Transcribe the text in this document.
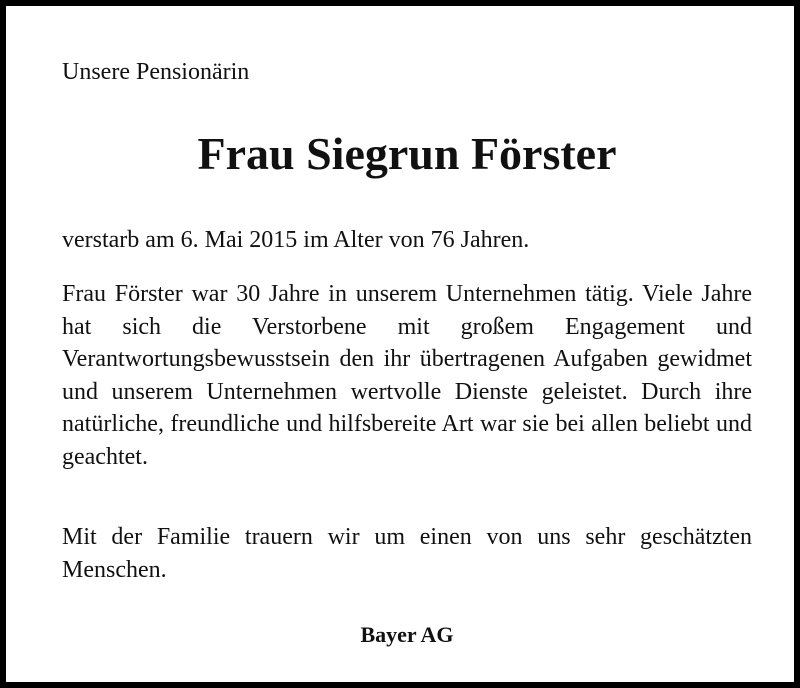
Unsere Pensionärin
Frau Siegrun Förster
verstarb am 6. Mai 2015 im Alter von 76 Jahren.
Frau Förster war 30 Jahre in unserem Unternehmen tätig. Viele Jahre hat sich die Verstorbene mit großem Engagement und Verantwortungsbewusstsein den ihr übertragenen Aufgaben gewidmet und unserem Unternehmen wertvolle Dienste geleistet. Durch ihre natürliche, freundliche und hilfsbereite Art war sie bei allen beliebt und geachtet.
Mit der Familie trauern wir um einen von uns sehr geschätzten Menschen.
Bayer AG
